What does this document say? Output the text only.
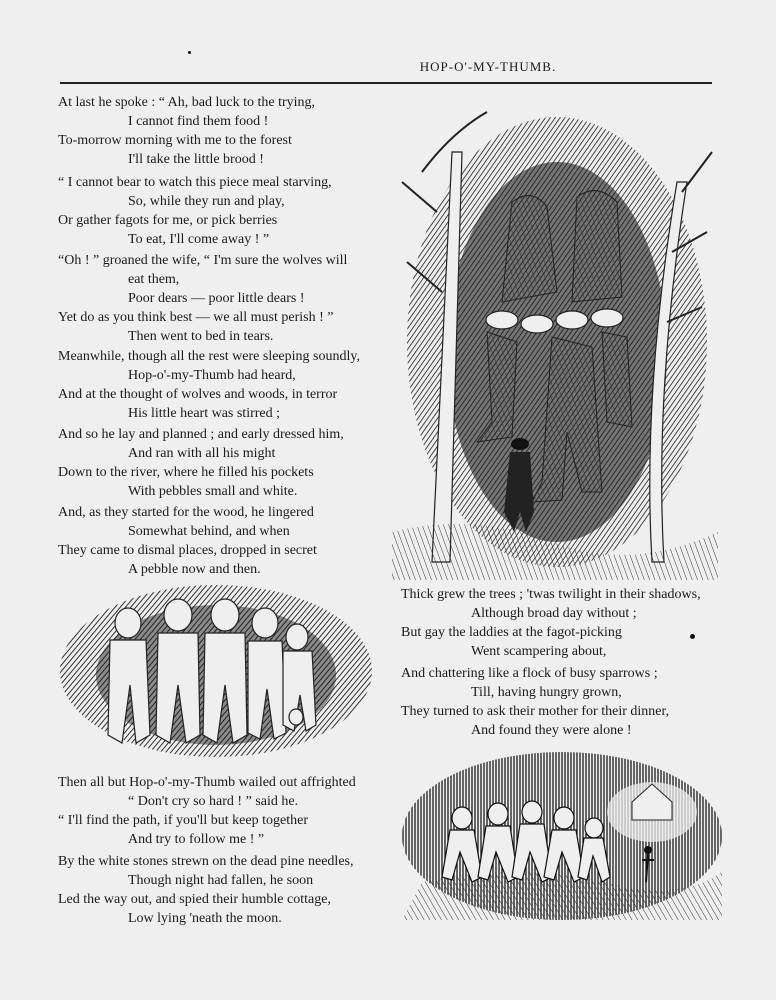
HOP-O'-MY-THUMB.
At last he spoke : “ Ah, bad luck to the trying,
I cannot find them food !
To-morrow morning with me to the forest
I'll take the little brood !
“ I cannot bear to watch this piece meal starving,
So, while they run and play,
Or gather fagots for me, or pick berries
To eat, I'll come away ! ”
“Oh ! ” groaned the wife, “ I'm sure the wolves will
eat them,
Poor dears — poor little dears !
Yet do as you think best — we all must perish ! ”
Then went to bed in tears.
Meanwhile, though all the rest were sleeping soundly,
Hop-o'-my-Thumb had heard,
And at the thought of wolves and woods, in terror
His little heart was stirred ;
And so he lay and planned ; and early dressed him,
And ran with all his might
Down to the river, where he filled his pockets
With pebbles small and white.
And, as they started for the wood, he lingered
Somewhat behind, and when
They came to dismal places, dropped in secret
A pebble now and then.
Then all but Hop-o'-my-Thumb wailed out affrighted
“ Don't cry so hard ! ” said he.
“ I'll find the path, if you'll but keep together
And try to follow me ! ”
By the white stones strewn on the dead pine needles,
Though night had fallen, he soon
Led the way out, and spied their humble cottage,
Low lying 'neath the moon.
Thick grew the trees ; 'twas twilight in their shadows,
Although broad day without ;
But gay the laddies at the fagot-picking
Went scampering about,
And chattering like a flock of busy sparrows ;
Till, having hungry grown,
They turned to ask their mother for their dinner,
And found they were alone !
